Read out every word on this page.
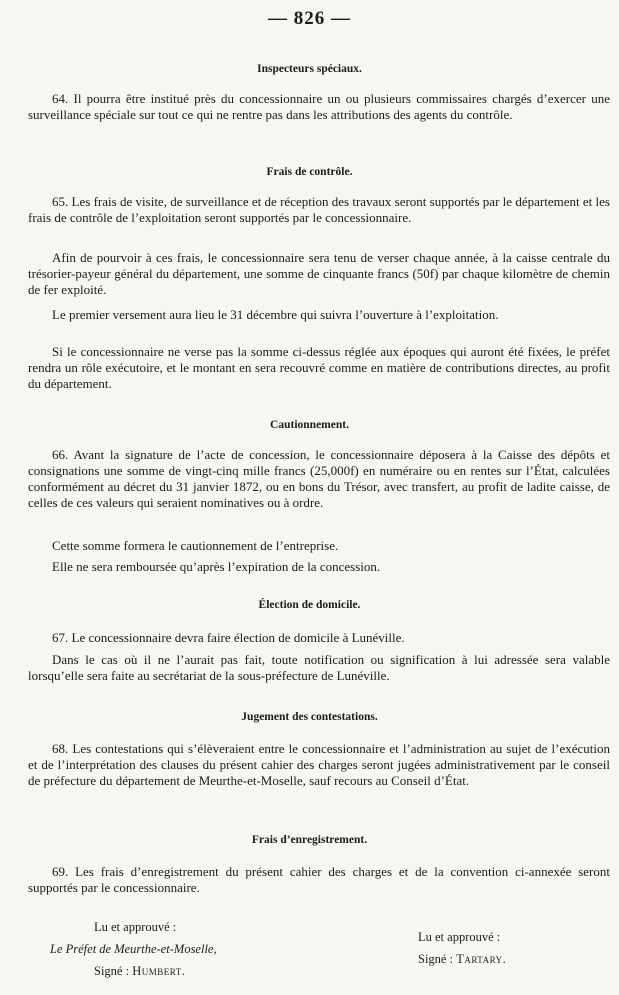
— 826 —
Inspecteurs spéciaux.
64. Il pourra être institué près du concessionnaire un ou plusieurs commissaires chargés d’exercer une surveillance spéciale sur tout ce qui ne rentre pas dans les attributions des agents du contrôle.
Frais de contrôle.
65. Les frais de visite, de surveillance et de réception des travaux seront supportés par le département et les frais de contrôle de l’exploitation seront supportés par le concessionnaire.
Afin de pourvoir à ces frais, le concessionnaire sera tenu de verser chaque année, à la caisse centrale du trésorier-payeur général du département, une somme de cinquante francs (50f) par chaque kilomètre de chemin de fer exploité.
Le premier versement aura lieu le 31 décembre qui suivra l’ouverture à l’exploitation.
Si le concessionnaire ne verse pas la somme ci-dessus réglée aux époques qui auront été fixées, le préfet rendra un rôle exécutoire, et le montant en sera recouvré comme en matière de contributions directes, au profit du département.
Cautionnement.
66. Avant la signature de l’acte de concession, le concessionnaire déposera à la Caisse des dépôts et consignations une somme de vingt-cinq mille francs (25,000f) en numéraire ou en rentes sur l’État, calculées conformément au décret du 31 janvier 1872, ou en bons du Trésor, avec transfert, au profit de ladite caisse, de celles de ces valeurs qui seraient nominatives ou à ordre.
Cette somme formera le cautionnement de l’entreprise.
Elle ne sera remboursée qu’après l’expiration de la concession.
Élection de domicile.
67. Le concessionnaire devra faire élection de domicile à Lunéville.
Dans le cas où il ne l’aurait pas fait, toute notification ou signification à lui adressée sera valable lorsqu’elle sera faite au secrétariat de la sous-préfecture de Lunéville.
Jugement des contestations.
68. Les contestations qui s’élèveraient entre le concessionnaire et l’administration au sujet de l’exécution et de l’interprétation des clauses du présent cahier des charges seront jugées administrativement par le conseil de préfecture du département de Meurthe-et-Moselle, sauf recours au Conseil d’État.
Frais d’enregistrement.
69. Les frais d’enregistrement du présent cahier des charges et de la convention ci-annexée seront supportés par le concessionnaire.
Lu et approuvé :
Le Préfet de Meurthe-et-Moselle,
Signé : Humbert.
Lu et approuvé :
Signé : Tartary.
